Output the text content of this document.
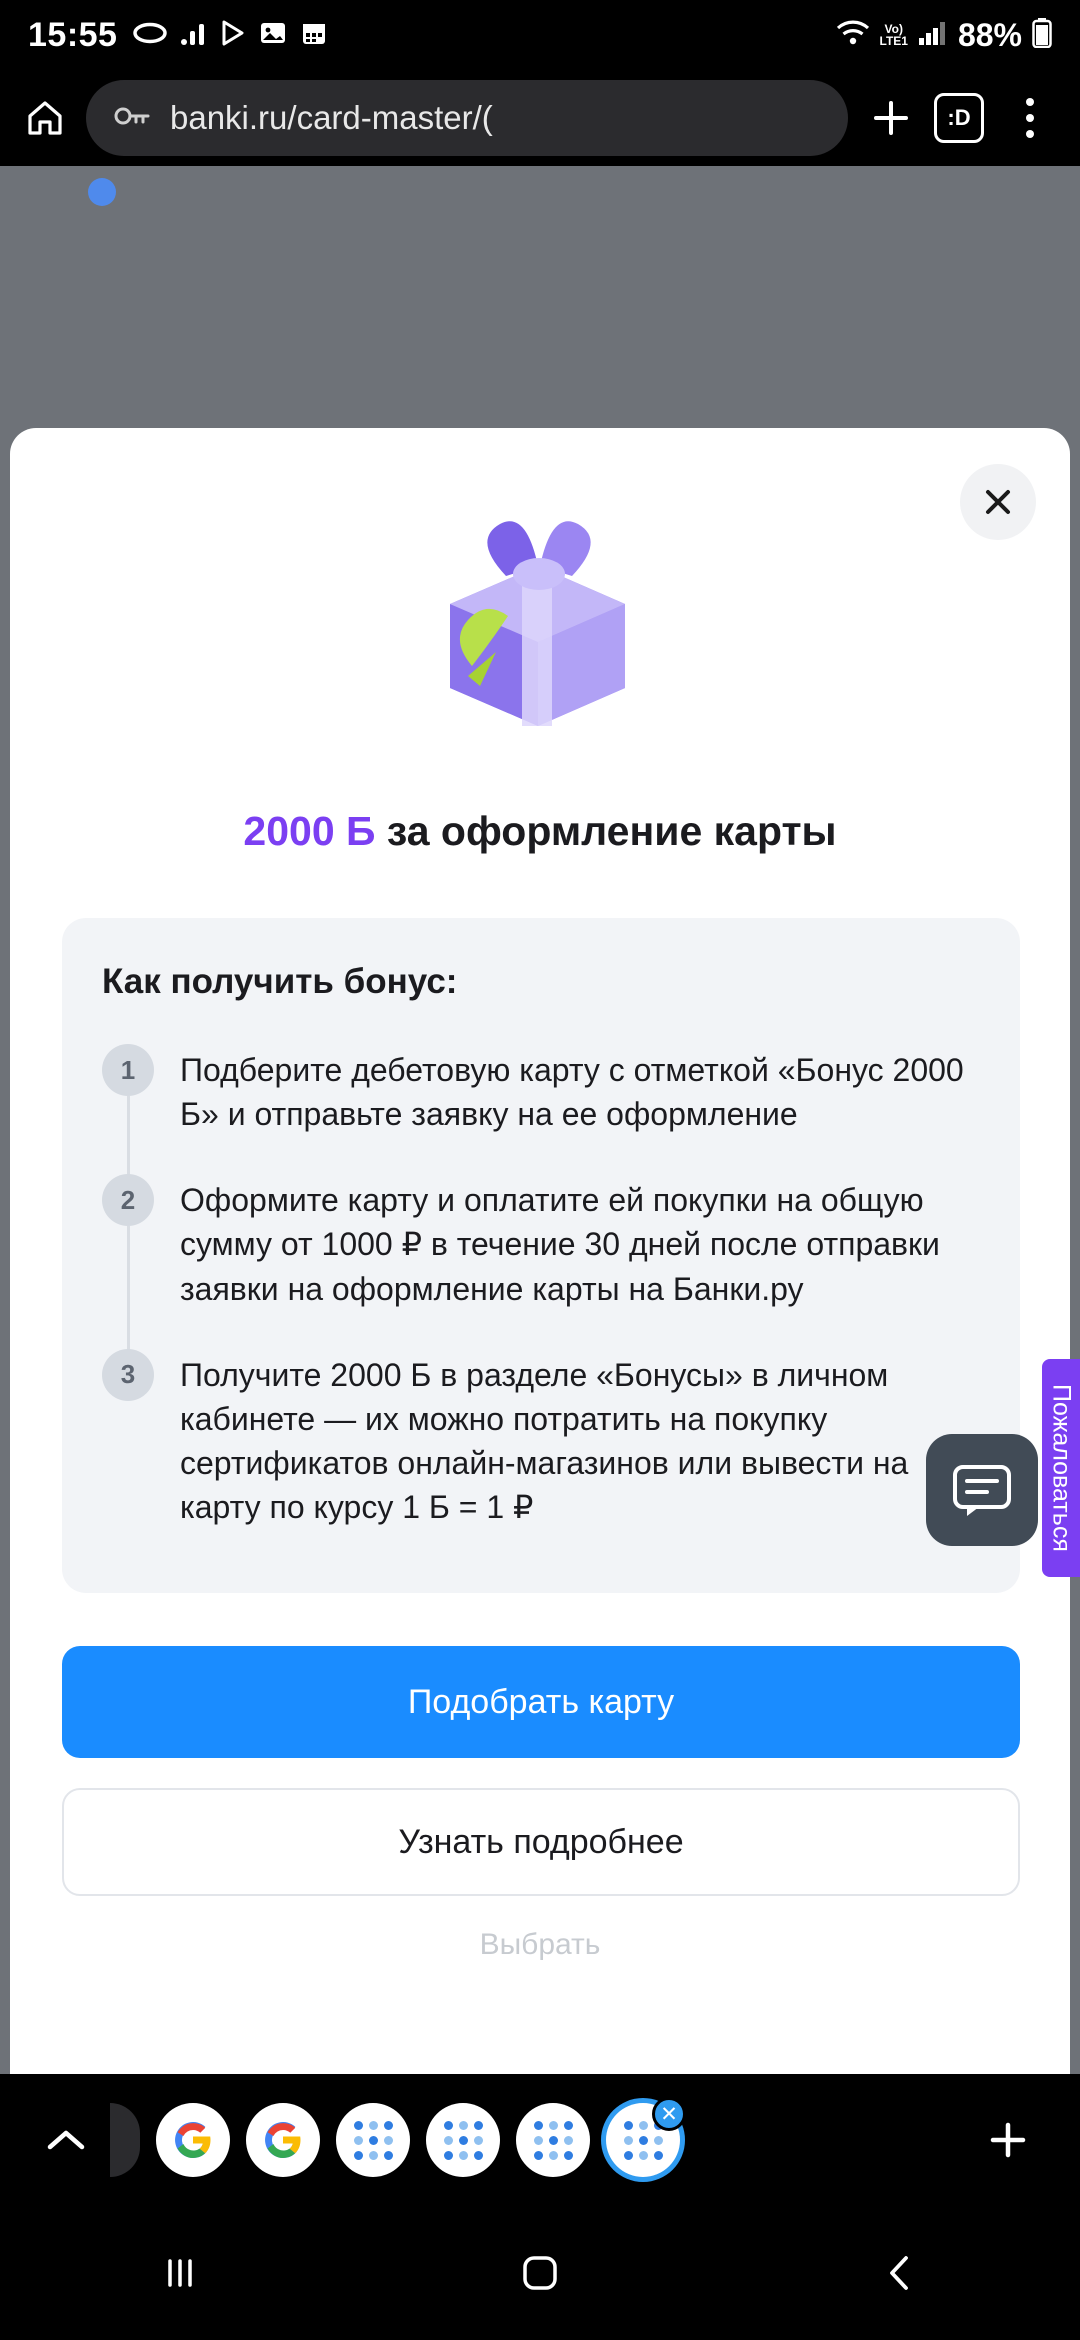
15:55	Vo)
LTE1 88%
banki.ru/card-master/(	:D
2000 Б за оформление карты
Как получить бонус:
1	Подберите дебетовую карту с отметкой «Бонус 2000 Б» и отправьте заявку на ее оформление
2	Оформите карту и оплатите ей покупки на общую сумму от 1000 ₽ в течение 30 дней после отправки заявки на оформление карты на Банки.ру
3	Получите 2000 Б в разделе «Бонусы» в личном кабинете — их можно потратить на покупку сертификатов онлайн-магазинов или вывести на карту по курсу 1 Б = 1 ₽
Подобрать карту
Узнать подробнее
Выбрать
Пожаловаться
✕
